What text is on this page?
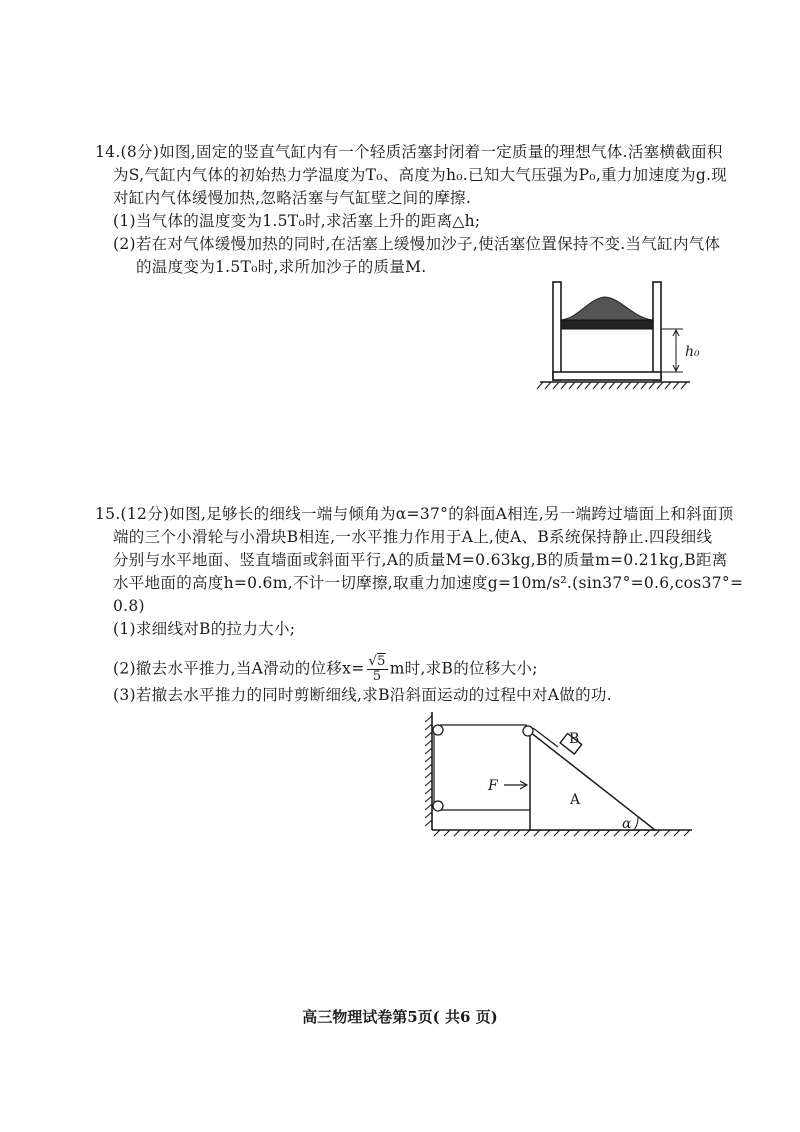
14.(8分)如图,固定的竖直气缸内有一个轻质活塞封闭着一定质量的理想气体.活塞横截面积
为S,气缸内气体的初始热力学温度为T₀、高度为h₀.已知大气压强为P₀,重力加速度为g.现
对缸内气体缓慢加热,忽略活塞与气缸壁之间的摩擦.
(1)当气体的温度变为1.5T₀时,求活塞上升的距离△h;
(2)若在对气体缓慢加热的同时,在活塞上缓慢加沙子,使活塞位置保持不变.当气缸内气体
的温度变为1.5T₀时,求所加沙子的质量M.
h₀
15.(12分)如图,足够长的细线一端与倾角为α=37°的斜面A相连,另一端跨过墙面上和斜面顶
端的三个小滑轮与小滑块B相连,一水平推力作用于A上,使A、B系统保持静止.四段细线
分别与水平地面、竖直墙面或斜面平行,A的质量M=0.63kg,B的质量m=0.21kg,B距离
水平地面的高度h=0.6m,不计一切摩擦,取重力加速度g=10m/s².(sin37°=0.6,cos37°=
0.8)
(1)求细线对B的拉力大小;
(2)撤去水平推力,当A滑动的位移$x= \frac{√5}{5}$ m时,求B的位移大小;
(3)若撤去水平推力的同时剪断细线,求B沿斜面运动的过程中对A做的功.
F
A
B
α
高三物理试卷第5页( 共6 页)
